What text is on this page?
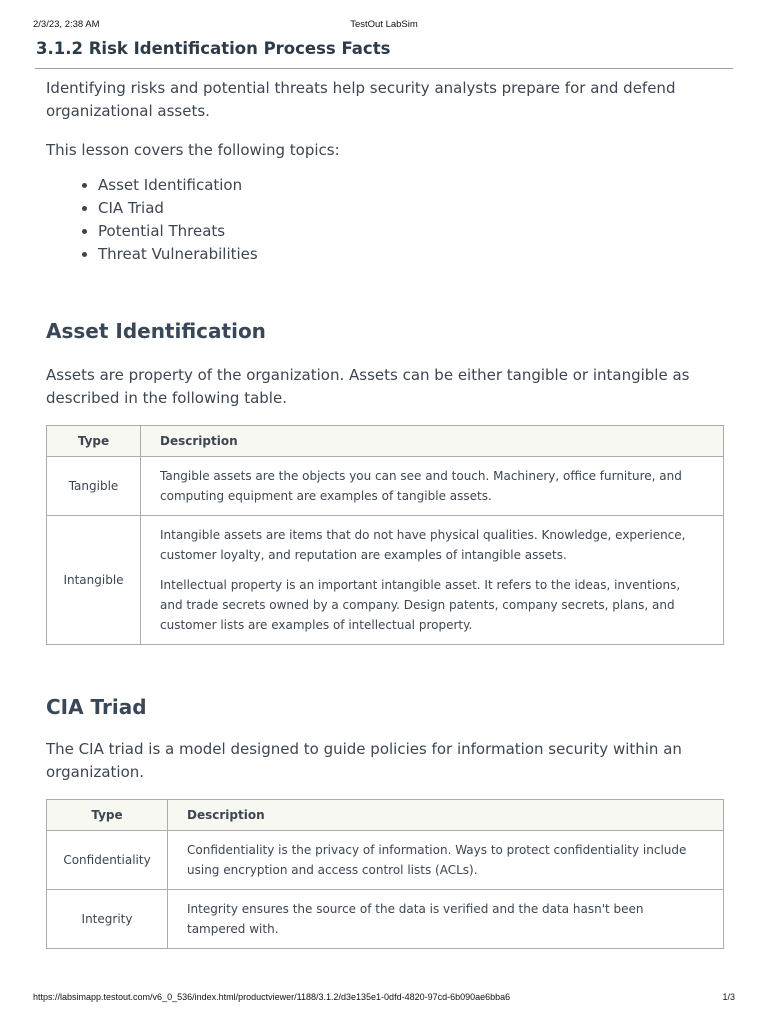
2/3/23, 2:38 AM	TestOut LabSim
3.1.2 Risk Identification Process Facts

Identifying risks and potential threats help security analysts prepare for and defend organizational assets.

This lesson covers the following topics:

• Asset Identification
• CIA Triad
• Potential Threats
• Threat Vulnerabilities
Asset Identification

Assets are property of the organization. Assets can be either tangible or intangible as described in the following table.

Type	Description
Tangible	Tangible assets are the objects you can see and touch. Machinery, office furniture, and computing equipment are examples of tangible assets.

Intangible	Intangible assets are items that do not have physical qualities. Knowledge, experience, customer loyalty, and reputation are examples of intangible assets.

Intellectual property is an important intangible asset. It refers to the ideas, inventions, and trade secrets owned by a company. Design patents, company secrets, plans, and customer lists are examples of intellectual property.

CIA Triad

The CIA triad is a model designed to guide policies for information security within an organization.

Type	Description
Confidentiality	Confidentiality is the privacy of information. Ways to protect confidentiality include using encryption and access control lists (ACLs).

Integrity	Integrity ensures the source of the data is verified and the data hasn't been tampered with.

https://labsimapp.testout.com/v6_0_536/index.html/productviewer/1188/3.1.2/d3e135e1-0dfd-4820-97cd-6b090ae6bba6	1/3
